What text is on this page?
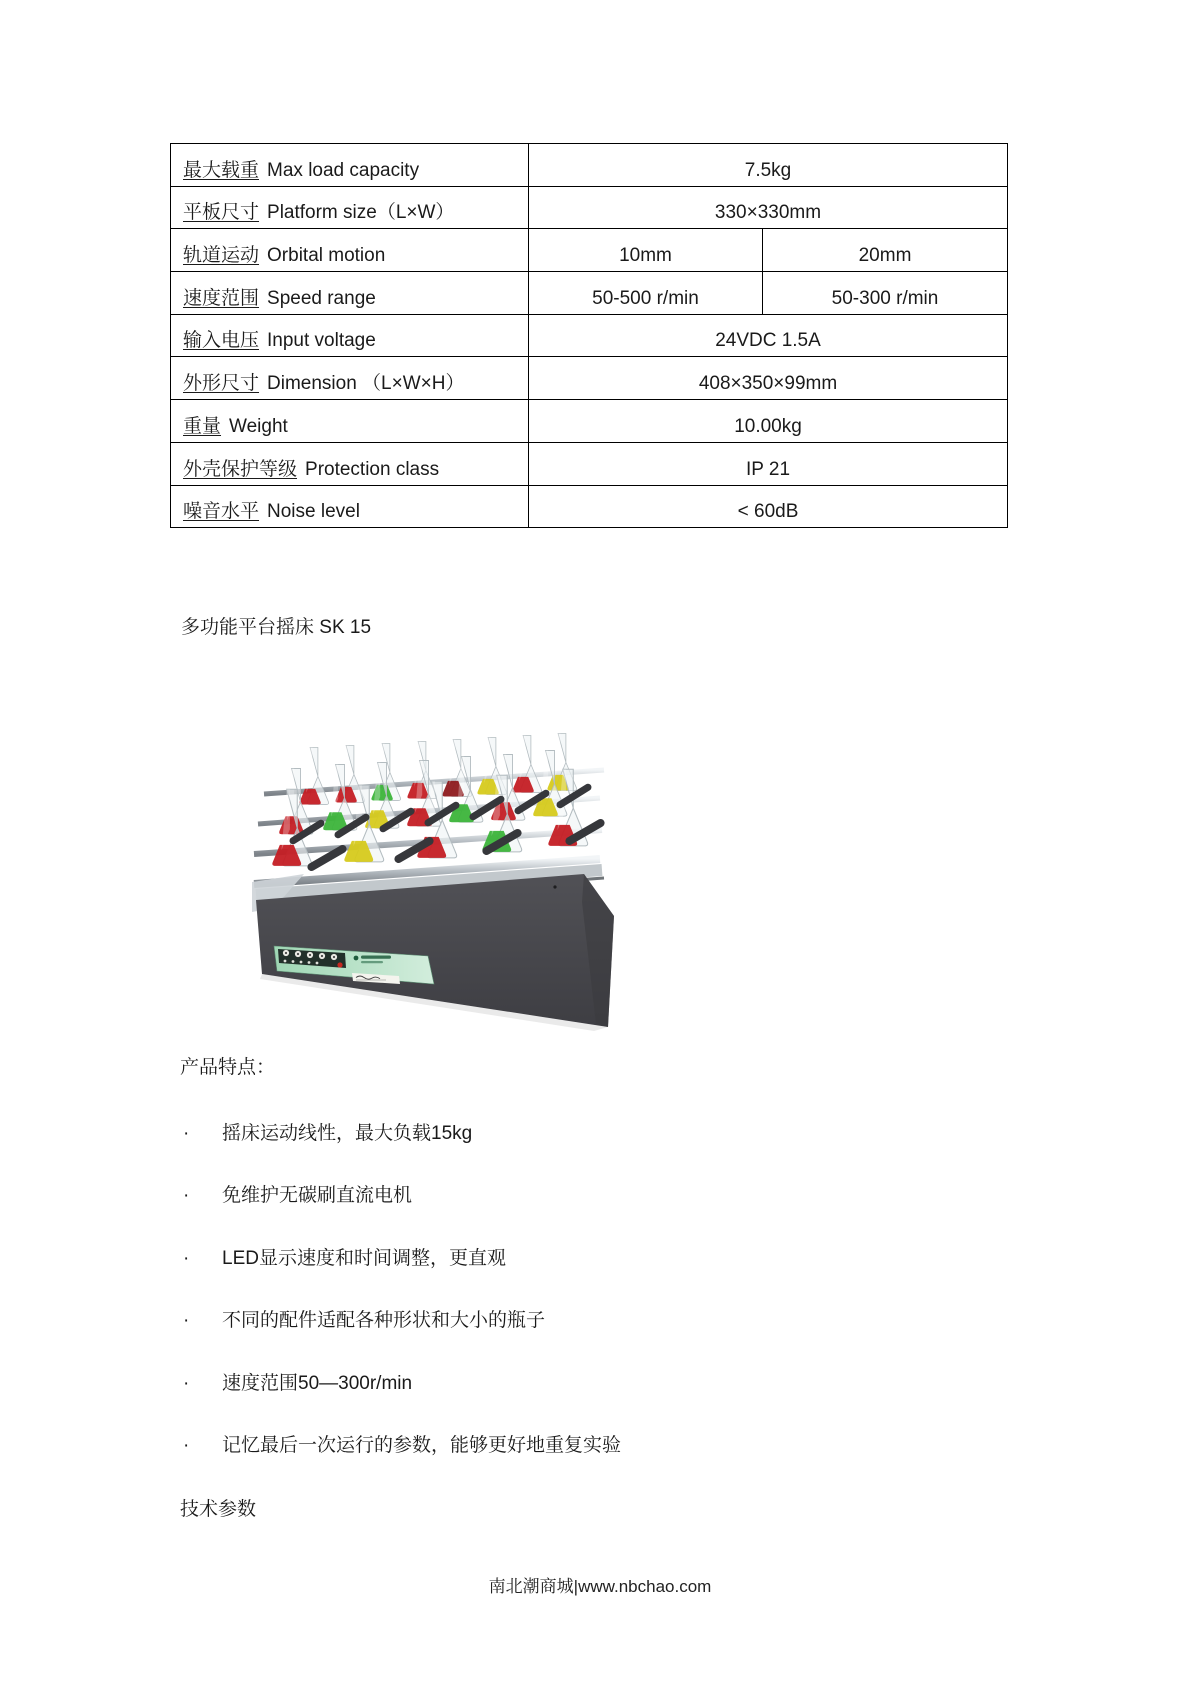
最大载重 Max load capacity	7.5kg	
平板尺寸 Platform size（L×W）	330×330mm	
轨道运动 Orbital motion	10mm	20mm
速度范围 Speed range	50-500 r/min	50-300 r/min
输入电压 Input voltage	24VDC 1.5A	
外形尺寸 Dimension （L×W×H）	408×350×99mm	
重量 Weight	10.00kg	
外壳保护等级 Protection class	IP 21	
噪音水平 Noise level	< 60dB	
多功能平台摇床 SK 15
产品特点：
· 摇床运动线性，最大负载15kg
· 免维护无碳刷直流电机
· LED显示速度和时间调整，更直观
· 不同的配件适配各种形状和大小的瓶子
· 速度范围50—300r/min
· 记忆最后一次运行的参数，能够更好地重复实验
技术参数
南北潮商城|www.nbchao.com
